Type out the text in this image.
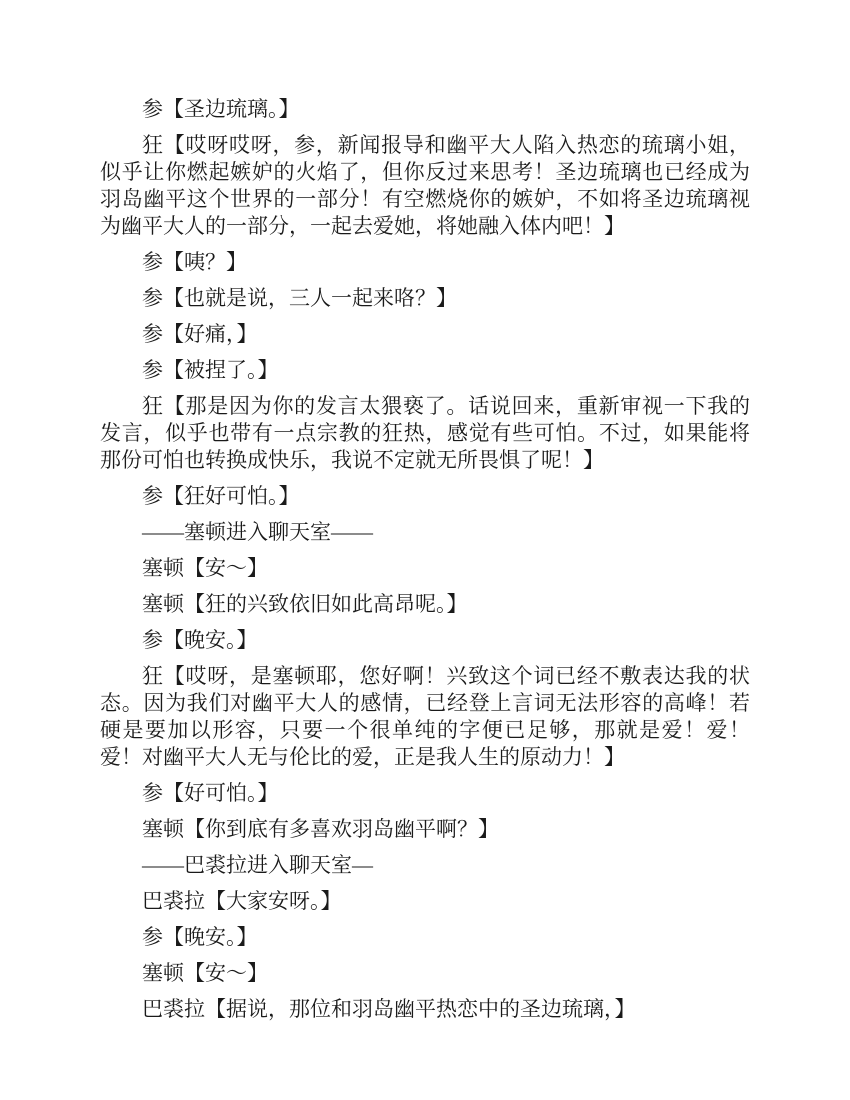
参【圣边琉璃。】

狂【哎呀哎呀，参，新闻报导和幽平大人陷入热恋的琉璃小姐，似乎让你燃起嫉妒的火焰了，但你反过来思考！圣边琉璃也已经成为羽岛幽平这个世界的一部分！有空燃烧你的嫉妒，不如将圣边琉璃视为幽平大人的一部分，一起去爱她，将她融入体内吧！】

参【咦？】

参【也就是说，三人一起来咯？】

参【好痛，】

参【被捏了。】

狂【那是因为你的发言太猥亵了。话说回来，重新审视一下我的发言，似乎也带有一点宗教的狂热，感觉有些可怕。不过，如果能将那份可怕也转换成快乐，我说不定就无所畏惧了呢！】

参【狂好可怕。】

——塞顿进入聊天室——

塞顿【安～】

塞顿【狂的兴致依旧如此高昂呢。】

参【晚安。】

狂【哎呀，是塞顿耶，您好啊！兴致这个词已经不敷表达我的状态。因为我们对幽平大人的感情，已经登上言词无法形容的高峰！若硬是要加以形容，只要一个很单纯的字便已足够，那就是爱！爱！爱！对幽平大人无与伦比的爱，正是我人生的原动力！】

参【好可怕。】

塞顿【你到底有多喜欢羽岛幽平啊？】

——巴裘拉进入聊天室—

巴裘拉【大家安呀。】

参【晚安。】

塞顿【安～】

巴裘拉【据说，那位和羽岛幽平热恋中的圣边琉璃，】
